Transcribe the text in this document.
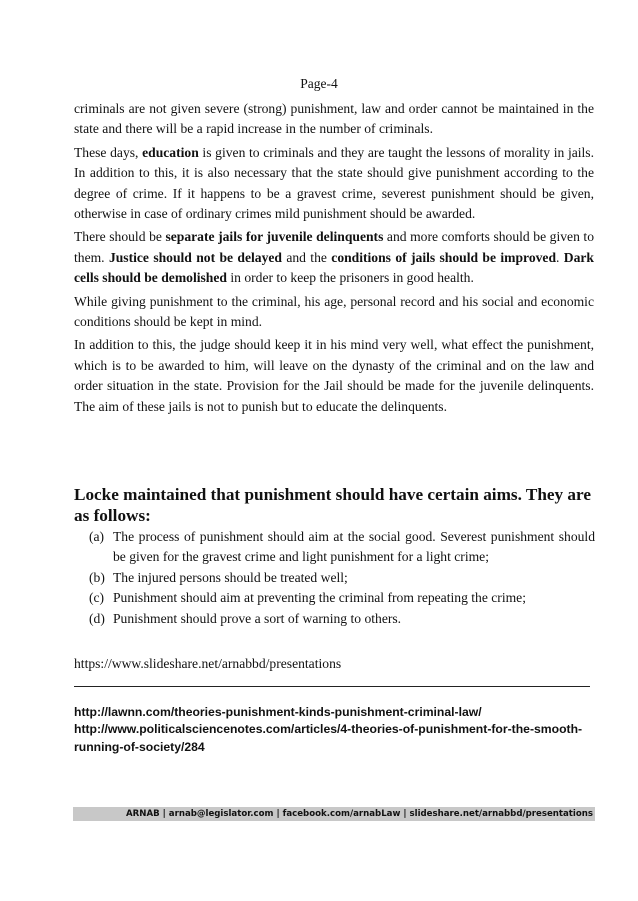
Page-4

criminals are not given severe (strong) punishment, law and order cannot be maintained in the state and there will be a rapid increase in the number of criminals.

These days, education is given to criminals and they are taught the lessons of morality in jails. In addition to this, it is also necessary that the state should give punishment according to the degree of crime. If it happens to be a gravest crime, severest punishment should be given, otherwise in case of ordinary crimes mild punishment should be awarded.

There should be separate jails for juvenile delinquents and more comforts should be given to them. Justice should not be delayed and the conditions of jails should be improved. Dark cells should be demolished in order to keep the prisoners in good health.

While giving punishment to the criminal, his age, personal record and his social and economic conditions should be kept in mind.

In addition to this, the judge should keep it in his mind very well, what effect the punishment, which is to be awarded to him, will leave on the dynasty of the criminal and on the law and order situation in the state. Provision for the Jail should be made for the juvenile delinquents. The aim of these jails is not to punish but to educate the delinquents.

Locke maintained that punishment should have certain aims. They are as follows:
(a) The process of punishment should aim at the social good. Severest punishment should be given for the gravest crime and light punishment for a light crime;
(b) The injured persons should be treated well;
(c) Punishment should aim at preventing the criminal from repeating the crime;
(d) Punishment should prove a sort of warning to others.
https://www.slideshare.net/arnabbd/presentations
http://lawnn.com/theories-punishment-kinds-punishment-criminal-law/
http://www.politicalsciencenotes.com/articles/4-theories-of-punishment-for-the-smooth-running-of-society/284
ARNAB | arnab@legislator.com | facebook.com/arnabLaw | slideshare.net/arnabbd/presentations
